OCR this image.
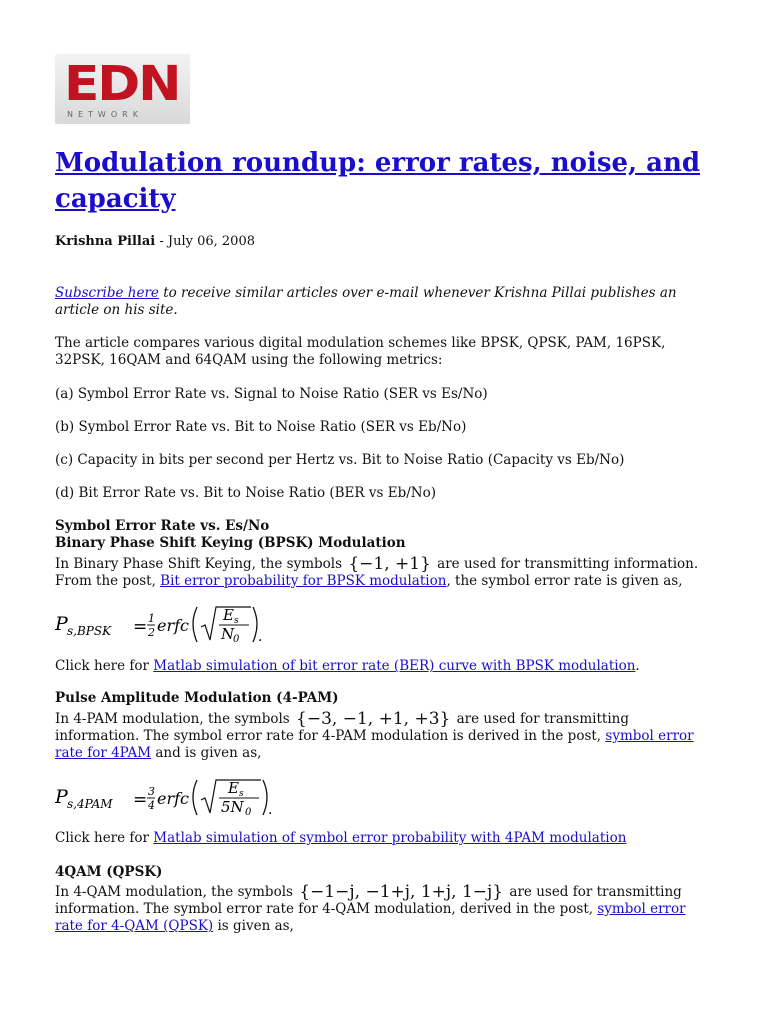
EDN
NETWORK
Modulation roundup: error rates, noise, and capacity
Krishna Pillai - July 06, 2008
Subscribe here to receive similar articles over e-mail whenever Krishna Pillai publishes an article on his site.
The article compares various digital modulation schemes like BPSK, QPSK, PAM, 16PSK, 32PSK, 16QAM and 64QAM using the following metrics:
(a) Symbol Error Rate vs. Signal to Noise Ratio (SER vs Es/No)
(b) Symbol Error Rate vs. Bit to Noise Ratio (SER vs Eb/No)
(c) Capacity in bits per second per Hertz vs. Bit to Noise Ratio (Capacity vs Eb/No)
(d) Bit Error Rate vs. Bit to Noise Ratio (BER vs Eb/No)
Symbol Error Rate vs. Es/No
Binary Phase Shift Keying (BPSK) Modulation
In Binary Phase Shift Keying, the symbols {−1, +1} are used for transmitting information. From the post, Bit error probability for BPSK modulation, the symbol error rate is given as,
P s,BPSK = 1
2 erfc
E s
N
0 .
Click here for Matlab simulation of bit error rate (BER) curve with BPSK modulation.
Pulse Amplitude Modulation (4-PAM)
In 4-PAM modulation, the symbols {−3, −1, +1, +3} are used for transmitting information. The symbol error rate for 4-PAM modulation is derived in the post, symbol error rate for 4PAM and is given as,
P s,4PAM = 3
4 erfc
E s
5N 0 .
Click here for Matlab simulation of symbol error probability with 4PAM modulation
4QAM (QPSK)
In 4-QAM modulation, the symbols {−1−j, −1+j, 1+j, 1−j} are used for transmitting information. The symbol error rate for 4-QAM modulation, derived in the post, symbol error rate for 4-QAM (QPSK) is given as,
